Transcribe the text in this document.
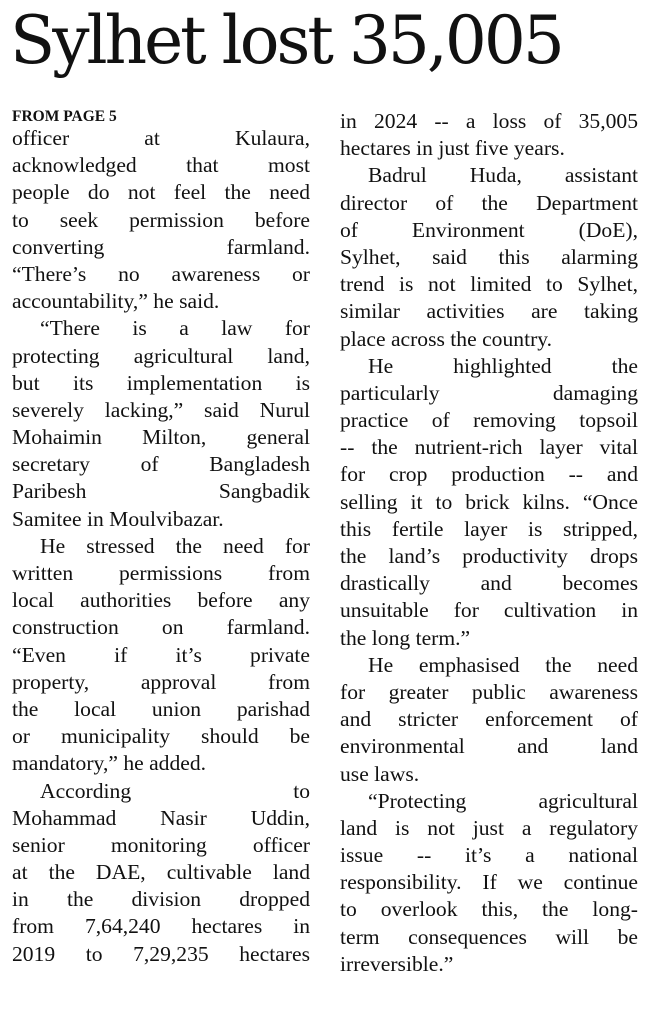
Sylhet lost 35,005
FROM PAGE 5
officer at Kulaura,
acknowledged that most
people do not feel the need
to seek permission before
converting farmland.
“There’s no awareness or
accountability,” he said.
“There is a law for
protecting agricultural land,
but its implementation is
severely lacking,” said Nurul
Mohaimin Milton, general
secretary of Bangladesh
Paribesh Sangbadik
Samitee in Moulvibazar.
He stressed the need for
written permissions from
local authorities before any
construction on farmland.
“Even if it’s private
property, approval from
the local union parishad
or municipality should be
mandatory,” he added.
According to
Mohammad Nasir Uddin,
senior monitoring officer
at the DAE, cultivable land
in the division dropped
from 7,64,240 hectares in
2019 to 7,29,235 hectares
in 2024 -- a loss of 35,005
hectares in just five years.
Badrul Huda, assistant
director of the Department
of Environment (DoE),
Sylhet, said this alarming
trend is not limited to Sylhet,
similar activities are taking
place across the country.
He highlighted the
particularly damaging
practice of removing topsoil
-- the nutrient-rich layer vital
for crop production -- and
selling it to brick kilns. “Once
this fertile layer is stripped,
the land’s productivity drops
drastically and becomes
unsuitable for cultivation in
the long term.”
He emphasised the need
for greater public awareness
and stricter enforcement of
environmental and land
use laws.
“Protecting agricultural
land is not just a regulatory
issue -- it’s a national
responsibility. If we continue
to overlook this, the long-
term consequences will be
irreversible.”
